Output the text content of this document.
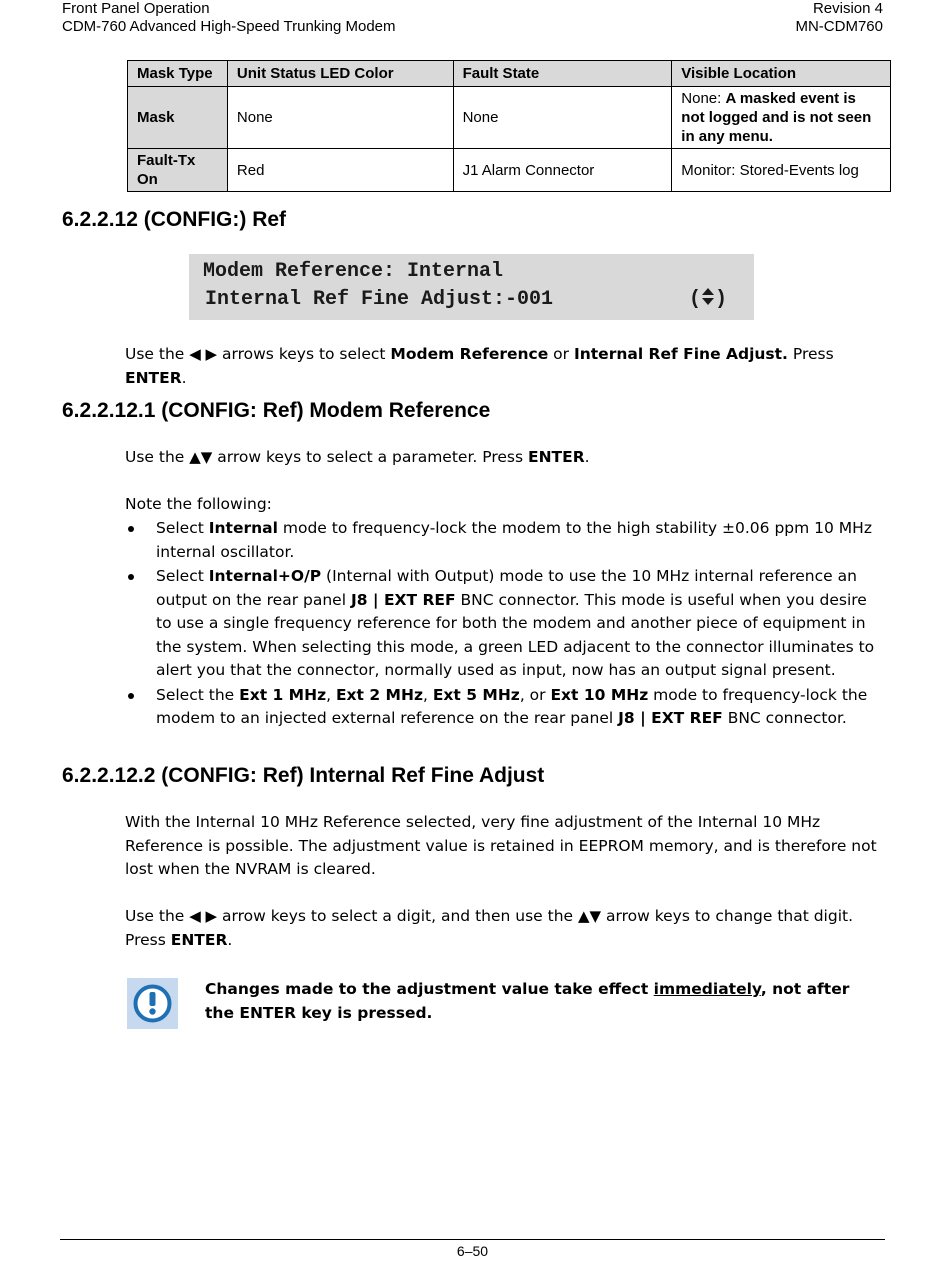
Front Panel Operation
CDM-760 Advanced High-Speed Trunking Modem
Revision 4
MN-CDM760
Mask Type	Unit Status LED Color	Fault State	Visible Location
Mask	None	None	None: A masked event is not logged and is not seen in any menu.
Fault-Tx On	Red	J1 Alarm Connector	Monitor: Stored-Events log
6.2.2.12 (CONFIG:) Ref
Modem Reference: Internal
Internal Ref Fine Adjust:-001	( )
Use the ◀ ▶ arrows keys to select Modem Reference or Internal Ref Fine Adjust. Press ENTER.
6.2.2.12.1 (CONFIG: Ref) Modem Reference
Use the ▲▼ arrow keys to select a parameter. Press ENTER.
Note the following:
Select Internal mode to frequency-lock the modem to the high stability ±0.06 ppm 10 MHz internal oscillator.
Select Internal+O/P (Internal with Output) mode to use the 10 MHz internal reference an output on the rear panel J8 | EXT REF BNC connector. This mode is useful when you desire to use a single frequency reference for both the modem and another piece of equipment in the system. When selecting this mode, a green LED adjacent to the connector illuminates to alert you that the connector, normally used as input, now has an output signal present.
Select the Ext 1 MHz, Ext 2 MHz, Ext 5 MHz, or Ext 10 MHz mode to frequency-lock the modem to an injected external reference on the rear panel J8 | EXT REF BNC connector.
6.2.2.12.2 (CONFIG: Ref) Internal Ref Fine Adjust
With the Internal 10 MHz Reference selected, very fine adjustment of the Internal 10 MHz Reference is possible. The adjustment value is retained in EEPROM memory, and is therefore not lost when the NVRAM is cleared.
Use the ◀ ▶ arrow keys to select a digit, and then use the ▲▼ arrow keys to change that digit. Press ENTER.
Changes made to the adjustment value take effect immediately, not after the ENTER key is pressed.
6–50
